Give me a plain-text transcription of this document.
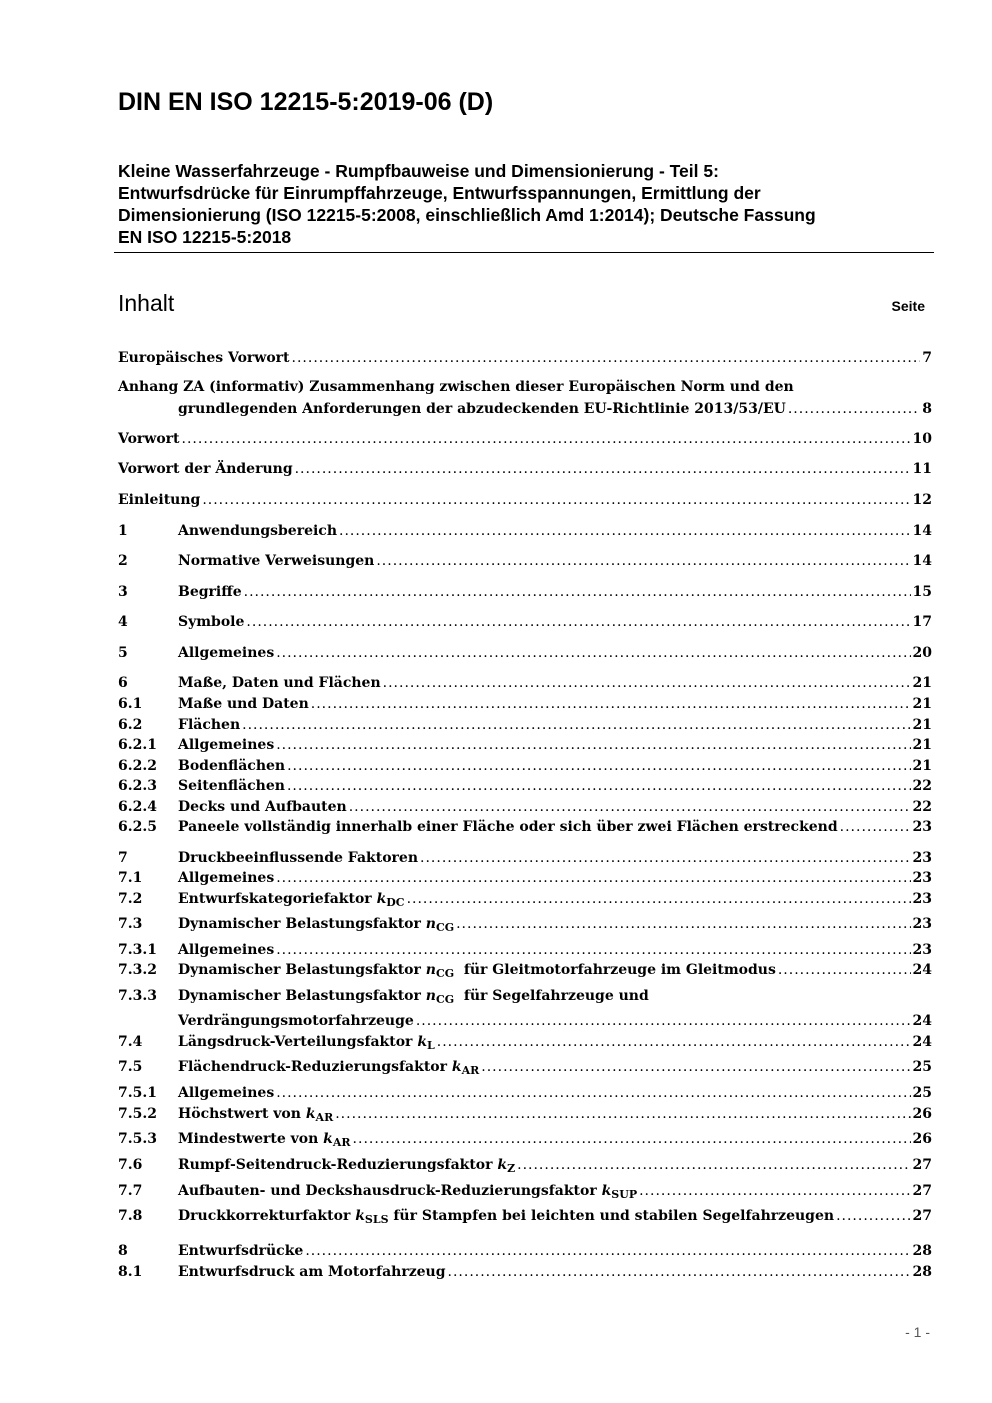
DIN EN ISO 12215-5:2019-06 (D)
Kleine Wasserfahrzeuge - Rumpfbauweise und Dimensionierung - Teil 5:
Entwurfsdrücke für Einrumpffahrzeuge, Entwurfsspannungen, Ermittlung der
Dimensionierung (ISO 12215-5:2008, einschließlich Amd 1:2014); Deutsche Fassung
EN ISO 12215-5:2018
Inhalt	Seite
Europäisches Vorwort .....	7
Anhang ZA (informativ) Zusammenhang zwischen dieser Europäischen Norm und den
grundlegenden Anforderungen der abzudeckenden EU-Richtlinie 2013/53/EU .....	8
Vorwort .....	10
Vorwort der Änderung .....	11
Einleitung .....	12
1	Anwendungsbereich .....	14
2	Normative Verweisungen .....	14
3	Begriffe .....	15
4	Symbole .....	17
5	Allgemeines .....	20
6	Maße, Daten und Flächen .....	21
6.1	Maße und Daten .....	21
6.2	Flächen .....	21
6.2.1	Allgemeines .....	21
6.2.2	Bodenflächen .....	21
6.2.3	Seitenflächen .....	22
6.2.4	Decks und Aufbauten .....	22
6.2.5	Paneele vollständig innerhalb einer Fläche oder sich über zwei Flächen erstreckend .....	23
7	Druckbeeinflussende Faktoren .....	23
7.1	Allgemeines .....	23
7.2	Entwurfskategoriefaktor $k_{DC}$ .....	23
7.3	Dynamischer Belastungsfaktor $n_{CG}$ .....	23
7.3.1	Allgemeines .....	23
7.3.2	Dynamischer Belastungsfaktor $n_{CG}$  für Gleitmotorfahrzeuge im Gleitmodus .....	24
7.3.3	Dynamischer Belastungsfaktor $n_{CG}$  für Segelfahrzeuge und
Verdrängungsmotorfahrzeuge .....	24
7.4	Längsdruck-Verteilungsfaktor $k_L$ .....	24
7.5	Flächendruck-Reduzierungsfaktor $k_{AR}$ .....	25
7.5.1	Allgemeines .....	25
7.5.2	Höchstwert von $k_{AR}$ .....	26
7.5.3	Mindestwerte von $k_{AR}$ .....	26
7.6	Rumpf-Seitendruck-Reduzierungsfaktor $k_Z$ .....	27
7.7	Aufbauten- und Deckshausdruck-Reduzierungsfaktor $k_{SUP}$ .....	27
7.8	Druckkorrekturfaktor $k_{SLS}$ für Stampfen bei leichten und stabilen Segelfahrzeugen .....	27
8	Entwurfsdrücke .....	28
8.1	Entwurfsdruck am Motorfahrzeug .....	28
- 1 -
